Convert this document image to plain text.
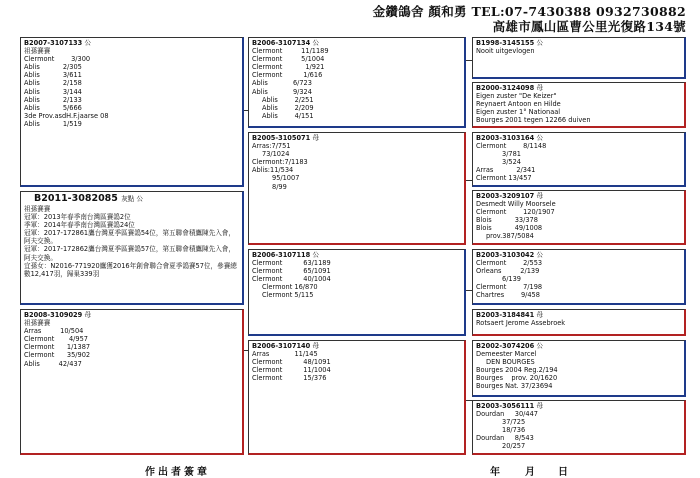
金鑽鴿舍 顏和勇 TEL:07-7430388 0932730882
高雄市鳳山區曹公里光復路134號
B2007-3107133 公
祖孫賽賽
Clermont        3/300
Ablis           2/305
Ablis           3/611
Ablis           2/158
Ablis           3/144
Ablis           2/133
Ablis           5/666
3de Prov.asdH.F.jaarse 08
Ablis           1/519
B2011-3082085 灰點 公
祖孫賽賽
冠軍：2013年春季南台灣區賽鴿2位
季軍：2014年春季南台灣區賽鴿24位
冠軍：2017-172861鷹台灣夏季區賽鴿54位，第五聯會積鷹陳先入會，阿夫交換。
冠軍：2017-172862鷹台灣夏季區賽鴿57位，第五聯會積鷹陳先入會，阿夫交換。
宜孫女：N2016-771920鷹獲2016年創會聯合會夏季鴿賽57位，參賽總數12,417羽，歸巢339羽
B2008-3109029 母
祖孫賽賽
Arras         10/504
Clermont       4/957
Clermont      1/1387
Clermont      35/902
Ablis         42/437
B2006-3107134 公
Clermont         11/1189
Clermont         5/1004
Clermont           1/921
Clermont          1/616
Ablis            6/723
Ablis            9/324
Ablis        2/251
Ablis        2/209
Ablis        4/151
B2005-3105071 母
Arras:7/751
73/1024
Clermont:7/1183
Ablis:11/534
95/1007
8/99
B2006-3107118 公
Clermont          63/1189
Clermont          65/1091
Clermont          40/1004
Clermont 16/870
Clermont 5/115
B2006-3107140 母
Arras            11/145
Clermont          48/1091
Clermont          11/1004
Clermont          15/376
B1998-3145155 公
Nooit uitgevlogen
B2000-3124098 母
Eigen zuster "De Keizer"
Reynaert Antoon en Hilde
Eigen zuster 1° Nationaal
Bourges 2001 tegen 12266 duiven
B2003-3103164 公
Clermont        8/1148
3/781
3/524
Arras           2/341
Clermont 13/457
B2003-3209107 母
Desmedt Willy Moorsele
Clermont        120/1907
Blois           33/378
Blois           49/1008
prov.387/5084
B2003-3103042 公
Clermont        2/553
Orleans         2/139
6/139
Clermont        7/198
Chartres        9/458
B2003-3184841 母
Rotsaert Jerome Assebroek
B2002-3074206 公
Demeester Marcel
DEN BOURGES
Bourges 2004 Reg.2/194
Bourges    prov. 20/1620
Bourges Nat. 37/23694
B2003-3056111 母
Dourdan     30/447
37/725
18/736
Dourdan     8/543
20/257
作出者簽章	年 月 日
